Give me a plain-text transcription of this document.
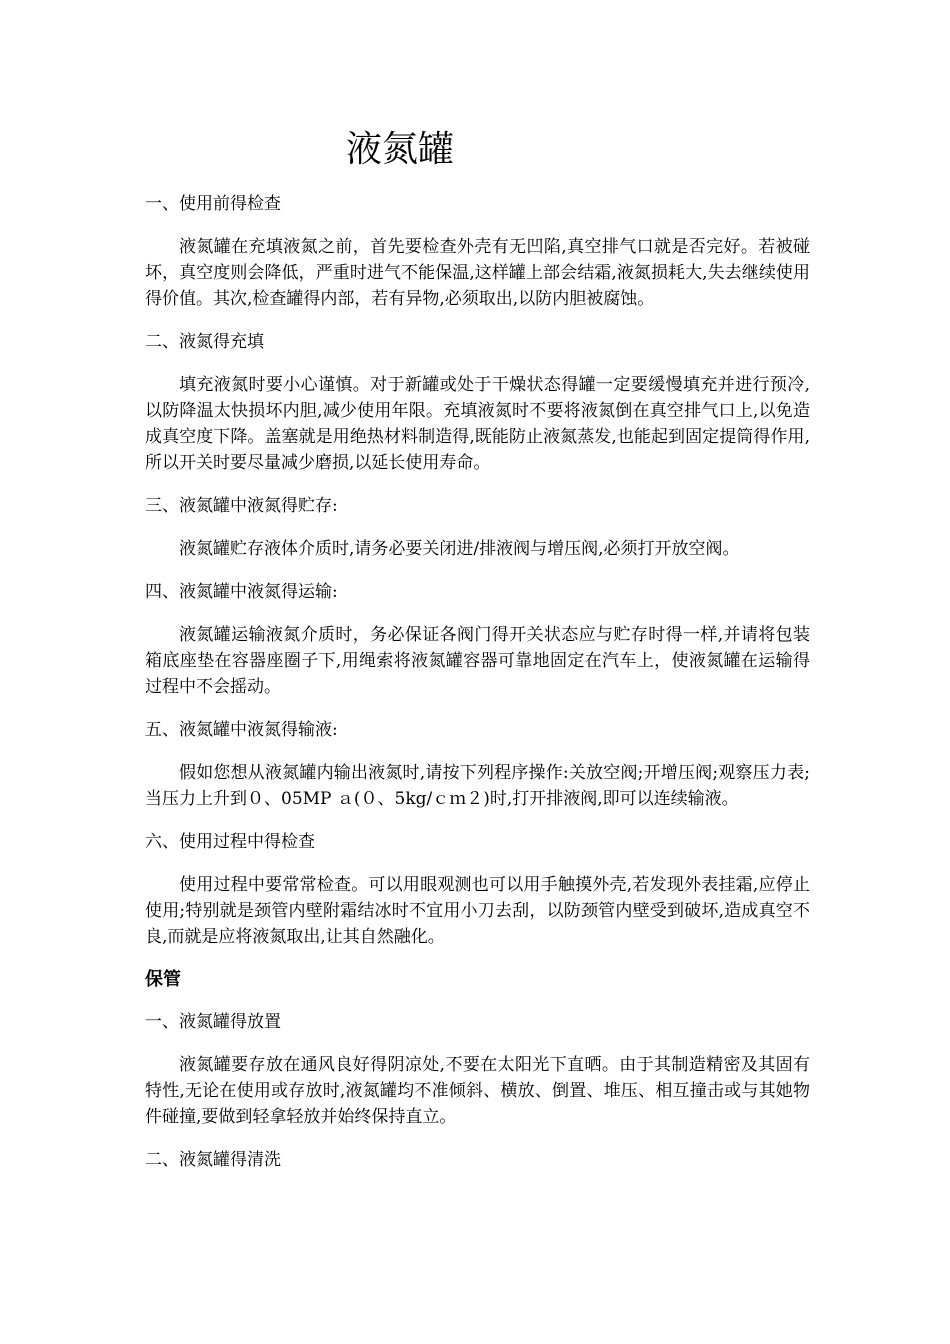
液氮罐
一、使用前得检查
液氮罐在充填液氮之前，首先要检查外壳有无凹陷,真空排气口就是否完好。若被碰坏，真空度则会降低，严重时进气不能保温,这样罐上部会结霜,液氮损耗大,失去继续使用得价值。其次,检查罐得内部，若有异物,必须取出,以防内胆被腐蚀。
二、液氮得充填
填充液氮时要小心谨慎。对于新罐或处于干燥状态得罐一定要缓慢填充并进行预冷,以防降温太快损坏内胆,减少使用年限。充填液氮时不要将液氮倒在真空排气口上,以免造成真空度下降。盖塞就是用绝热材料制造得,既能防止液氮蒸发,也能起到固定提筒得作用,所以开关时要尽量减少磨损,以延长使用寿命。
三、液氮罐中液氮得贮存:
液氮罐贮存液体介质时,请务必要关闭进/排液阀与增压阀,必须打开放空阀。
四、液氮罐中液氮得运输:
液氮罐运输液氮介质时，务必保证各阀门得开关状态应与贮存时得一样,并请将包装箱底座垫在容器座圈子下,用绳索将液氮罐容器可靠地固定在汽车上，使液氮罐在运输得过程中不会摇动。
五、液氮罐中液氮得输液:
假如您想从液氮罐内输出液氮时,请按下列程序操作:关放空阀;开增压阀;观察压力表;当压力上升到０、05MP ａ(０、5kg/ｃｍ２)时,打开排液阀,即可以连续输液。
六、使用过程中得检查
使用过程中要常常检查。可以用眼观测也可以用手触摸外壳,若发现外表挂霜,应停止使用;特别就是颈管内壁附霜结冰时不宜用小刀去刮，以防颈管内壁受到破坏,造成真空不良,而就是应将液氮取出,让其自然融化。
保管
一、液氮罐得放置
液氮罐要存放在通风良好得阴凉处,不要在太阳光下直晒。由于其制造精密及其固有特性,无论在使用或存放时,液氮罐均不准倾斜、横放、倒置、堆压、相互撞击或与其她物件碰撞,要做到轻拿轻放并始终保持直立。
二、液氮罐得清洗
